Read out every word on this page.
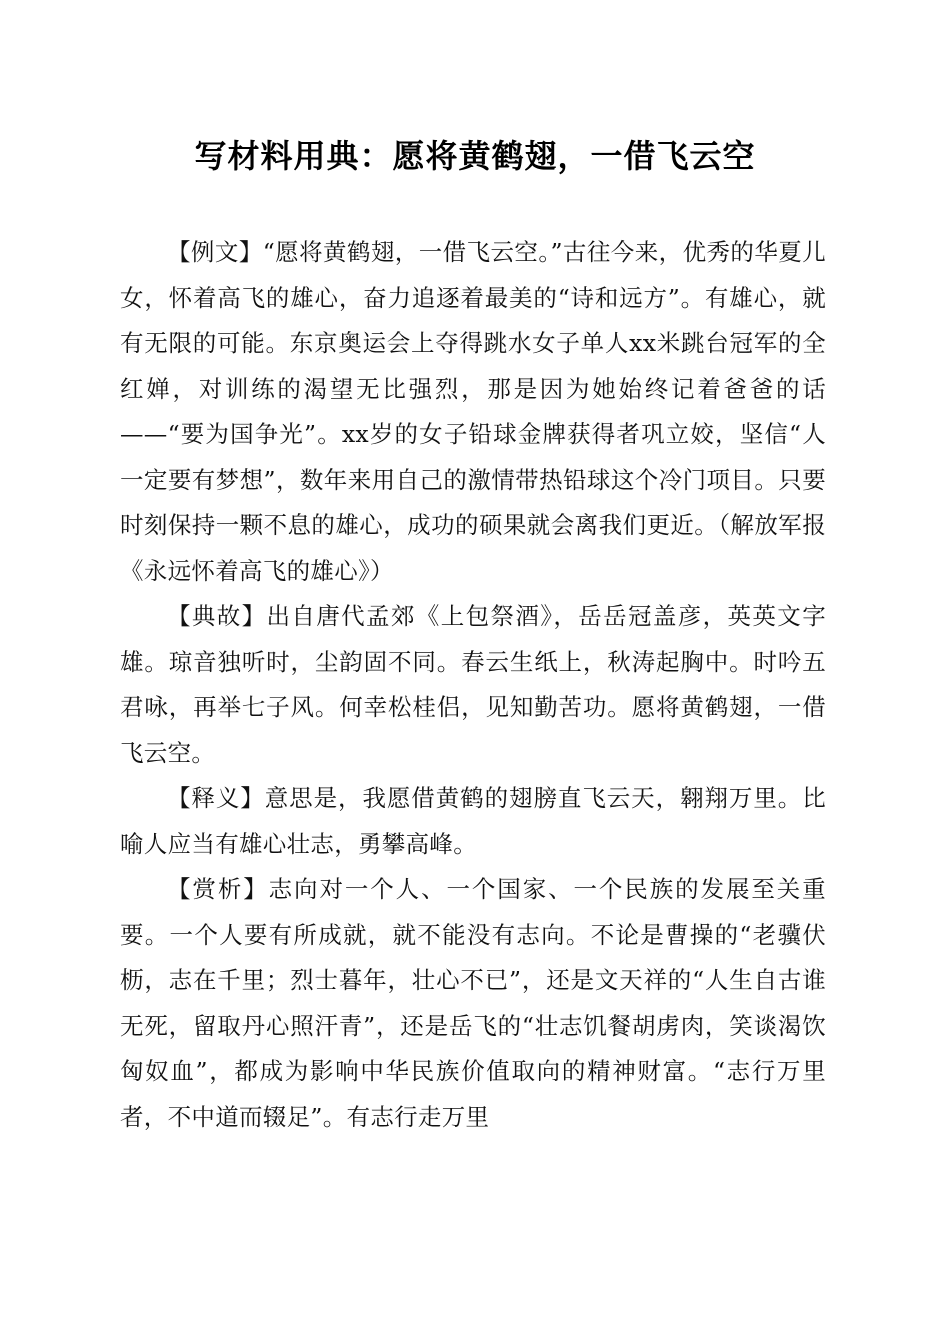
写材料用典：愿将黄鹤翅，一借飞云空

【例文】“愿将黄鹤翅，一借飞云空。”古往今来，优秀的华夏儿女，怀着高飞的雄心，奋力追逐着最美的“诗和远方”。有雄心，就有无限的可能。东京奥运会上夺得跳水女子单人xx米跳台冠军的全红婵，对训练的渴望无比强烈，那是因为她始终记着爸爸的话——“要为国争光”。xx岁的女子铅球金牌获得者巩立姣，坚信“人一定要有梦想”，数年来用自己的激情带热铅球这个冷门项目。只要时刻保持一颗不息的雄心，成功的硕果就会离我们更近。（解放军报《永远怀着高飞的雄心》）

【典故】出自唐代孟郊《上包祭酒》，岳岳冠盖彦，英英文字雄。琼音独听时，尘韵固不同。春云生纸上，秋涛起胸中。时吟五君咏，再举七子风。何幸松桂侣，见知勤苦功。愿将黄鹤翅，一借飞云空。

【释义】意思是，我愿借黄鹤的翅膀直飞云天，翱翔万里。比喻人应当有雄心壮志，勇攀高峰。

【赏析】志向对一个人、一个国家、一个民族的发展至关重要。一个人要有所成就，就不能没有志向。不论是曹操的“老骥伏枥，志在千里；烈士暮年，壮心不已”，还是文天祥的“人生自古谁无死，留取丹心照汗青”，还是岳飞的“壮志饥餐胡虏肉，笑谈渴饮匈奴血”，都成为影响中华民族价值取向的精神财富。“志行万里者，不中道而辍足”。有志行走万里
